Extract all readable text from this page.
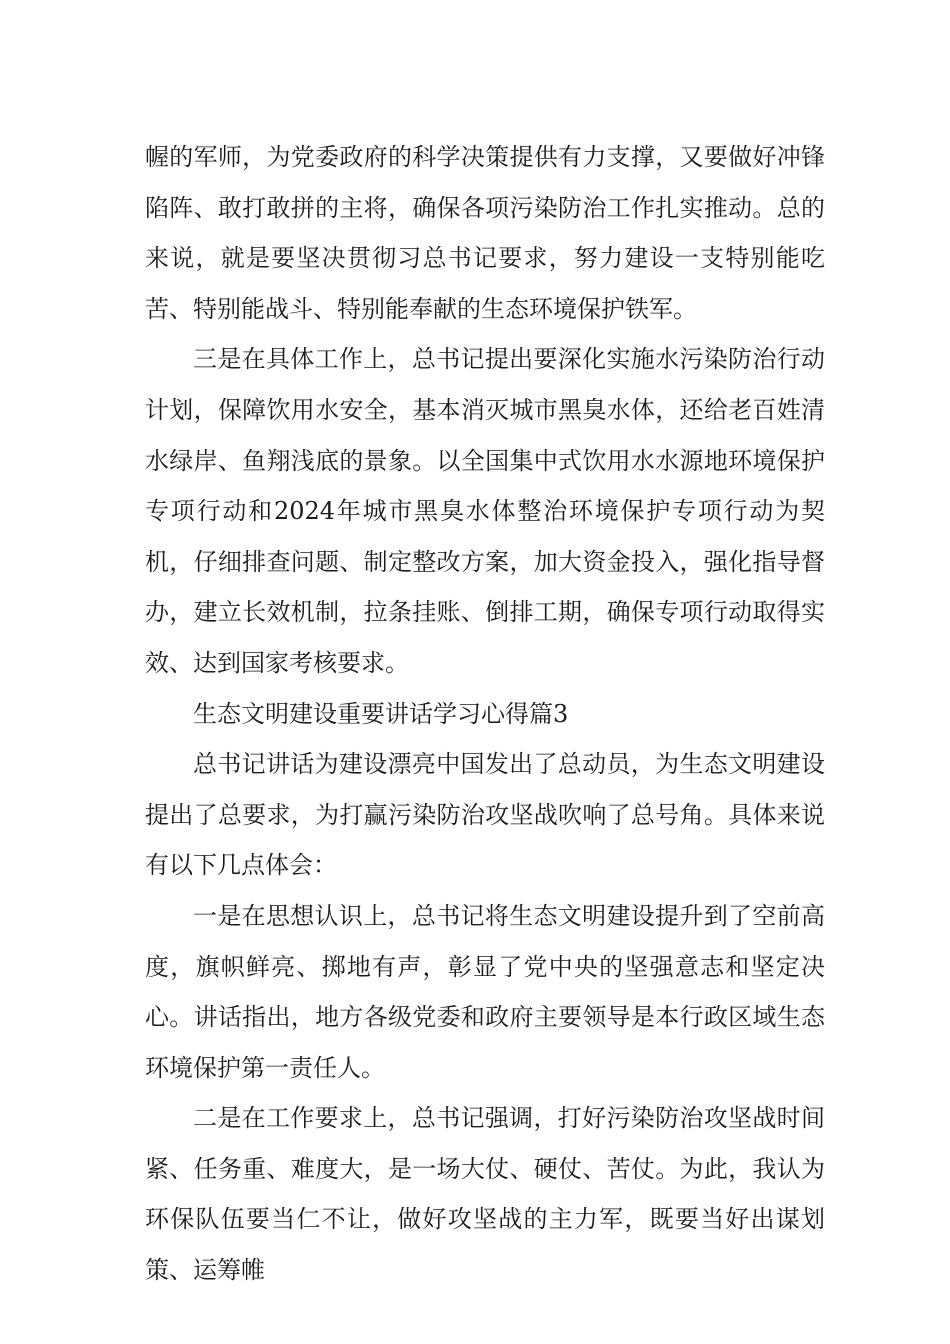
幄的军师，为党委政府的科学决策提供有力支撑，又要做好冲锋陷阵、敢打敢拼的主将，确保各项污染防治工作扎实推动。总的来说，就是要坚决贯彻习总书记要求，努力建设一支特别能吃苦、特别能战斗、特别能奉献的生态环境保护铁军。

三是在具体工作上，总书记提出要深化实施水污染防治行动计划，保障饮用水安全，基本消灭城市黑臭水体，还给老百姓清水绿岸、鱼翔浅底的景象。以全国集中式饮用水水源地环境保护专项行动和2024年城市黑臭水体整治环境保护专项行动为契机，仔细排查问题、制定整改方案，加大资金投入，强化指导督办，建立长效机制，拉条挂账、倒排工期，确保专项行动取得实效、达到国家考核要求。

生态文明建设重要讲话学习心得篇3

总书记讲话为建设漂亮中国发出了总动员，为生态文明建设提出了总要求，为打赢污染防治攻坚战吹响了总号角。具体来说有以下几点体会：

一是在思想认识上，总书记将生态文明建设提升到了空前高度，旗帜鲜亮、掷地有声，彰显了党中央的坚强意志和坚定决心。讲话指出，地方各级党委和政府主要领导是本行政区域生态环境保护第一责任人。

二是在工作要求上，总书记强调，打好污染防治攻坚战时间紧、任务重、难度大，是一场大仗、硬仗、苦仗。为此，我认为环保队伍要当仁不让，做好攻坚战的主力军，既要当好出谋划策、运筹帷
